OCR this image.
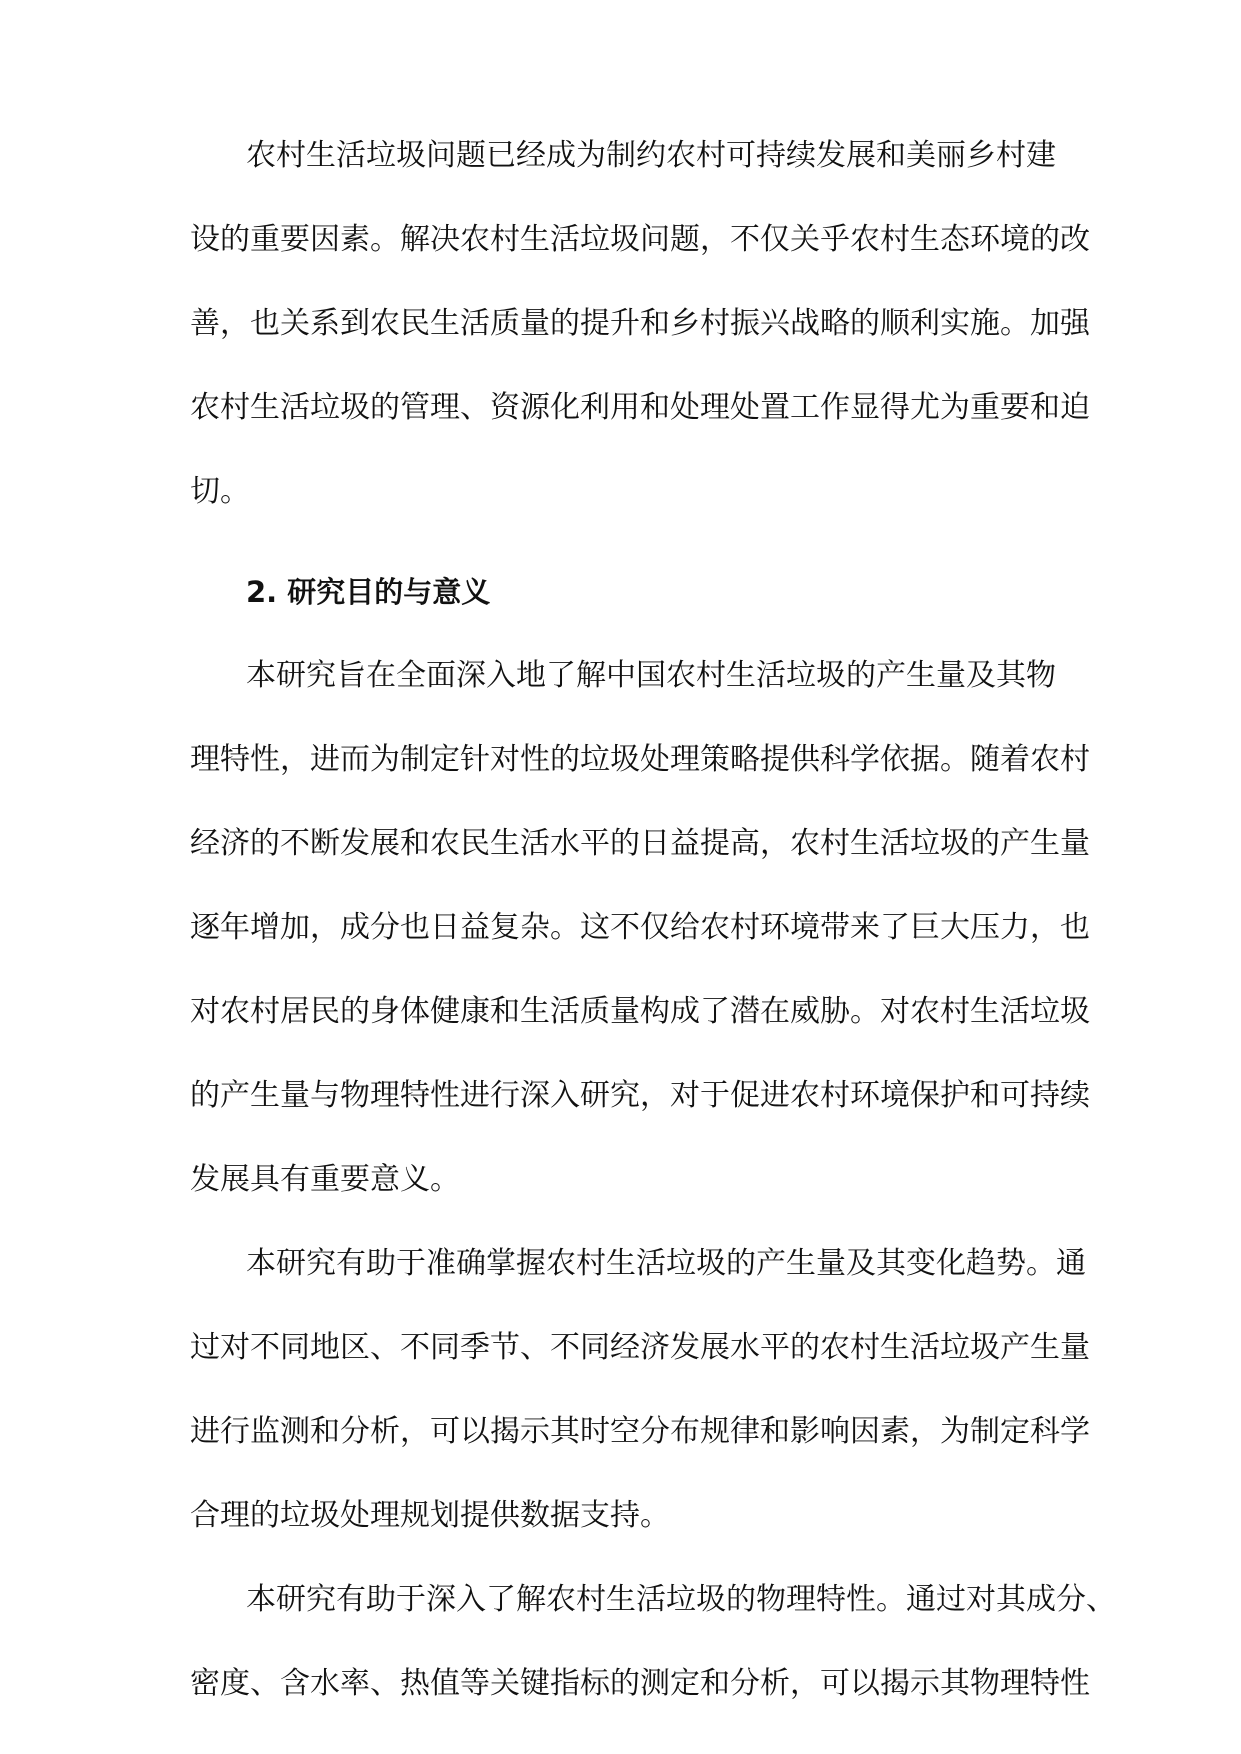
农村生活垃圾问题已经成为制约农村可持续发展和美丽乡村建
设的重要因素。解决农村生活垃圾问题，不仅关乎农村生态环境的改
善，也关系到农民生活质量的提升和乡村振兴战略的顺利实施。加强
农村生活垃圾的管理、资源化利用和处理处置工作显得尤为重要和迫
切。
2. 研究目的与意义
本研究旨在全面深入地了解中国农村生活垃圾的产生量及其物
理特性，进而为制定针对性的垃圾处理策略提供科学依据。随着农村
经济的不断发展和农民生活水平的日益提高，农村生活垃圾的产生量
逐年增加，成分也日益复杂。这不仅给农村环境带来了巨大压力，也
对农村居民的身体健康和生活质量构成了潜在威胁。对农村生活垃圾
的产生量与物理特性进行深入研究，对于促进农村环境保护和可持续
发展具有重要意义。
本研究有助于准确掌握农村生活垃圾的产生量及其变化趋势。通
过对不同地区、不同季节、不同经济发展水平的农村生活垃圾产生量
进行监测和分析，可以揭示其时空分布规律和影响因素，为制定科学
合理的垃圾处理规划提供数据支持。
本研究有助于深入了解农村生活垃圾的物理特性。通过对其成分、
密度、含水率、热值等关键指标的测定和分析，可以揭示其物理特性
